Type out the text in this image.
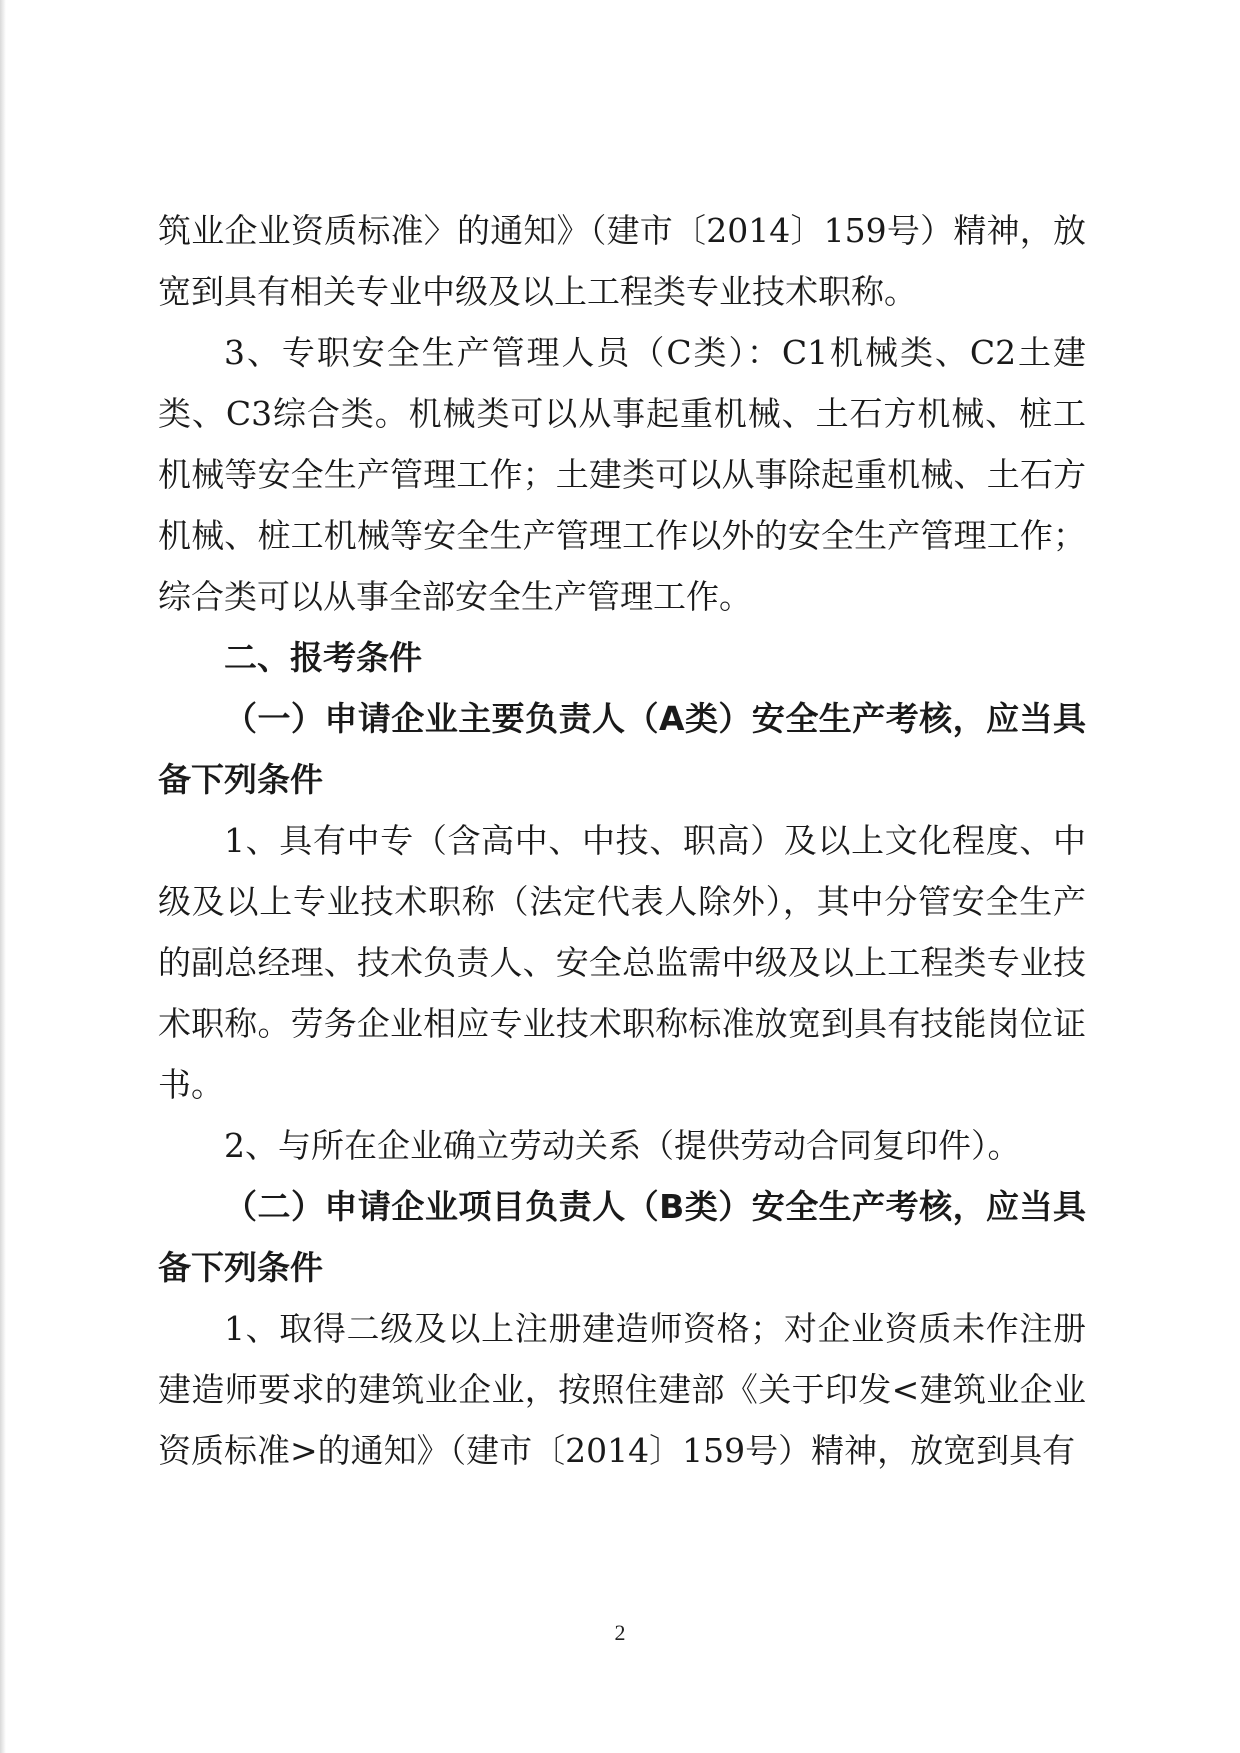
筑业企业资质标准〉的通知》（建市〔2014〕159号）精神，放宽到具有相关专业中级及以上工程类专业技术职称。

3、专职安全生产管理人员（C类）：C1机械类、C2土建类、C3综合类。机械类可以从事起重机械、土石方机械、桩工机械等安全生产管理工作；土建类可以从事除起重机械、土石方机械、桩工机械等安全生产管理工作以外的安全生产管理工作；综合类可以从事全部安全生产管理工作。

二、报考条件

（一）申请企业主要负责人（A类）安全生产考核，应当具备下列条件

1、具有中专（含高中、中技、职高）及以上文化程度、中级及以上专业技术职称（法定代表人除外），其中分管安全生产的副总经理、技术负责人、安全总监需中级及以上工程类专业技术职称。劳务企业相应专业技术职称标准放宽到具有技能岗位证书。

2、与所在企业确立劳动关系（提供劳动合同复印件）。

（二）申请企业项目负责人（B类）安全生产考核，应当具备下列条件

1、取得二级及以上注册建造师资格；对企业资质未作注册建造师要求的建筑业企业，按照住建部《关于印发<建筑业企业资质标准>的通知》（建市〔2014〕159号）精神，放宽到具有

2
